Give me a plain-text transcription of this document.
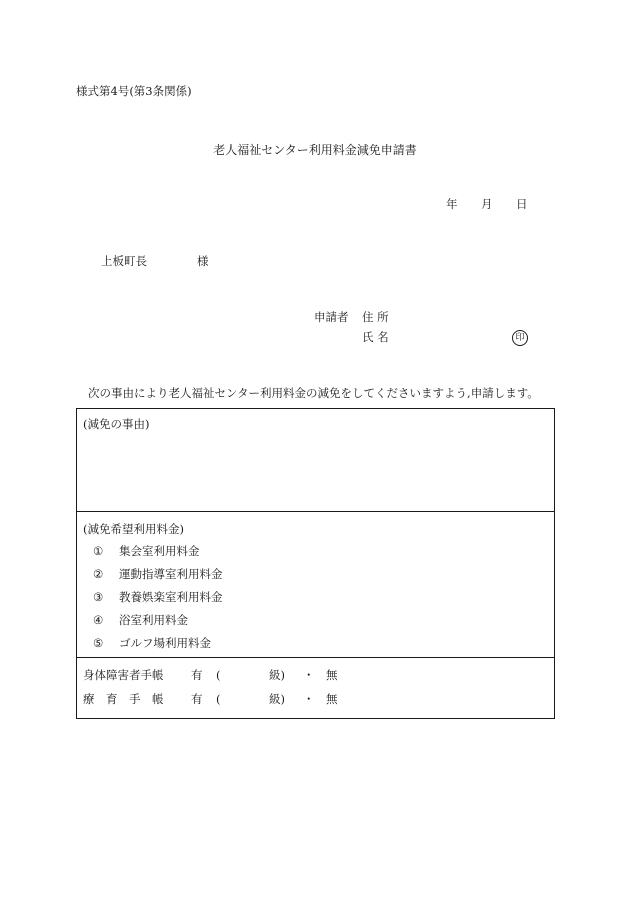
様式第4号(第3条関係)
老人福祉センター利用料金減免申請書
年 月 日
上板町長	様
申請者 住 所
氏 名	印
次の事由により老人福祉センター利用料金の減免をしてくださいますよう,申請します。
(減免の事由)
(減免希望利用料金)
① 集会室利用料金
② 運動指導室利用料金
③ 教養娯楽室利用料金
④ 浴室利用料金
⑤ ゴルフ場利用料金
身体障害者手帳 有 (	級) ・ 無
療　育　手　帳 有 (	級) ・ 無
